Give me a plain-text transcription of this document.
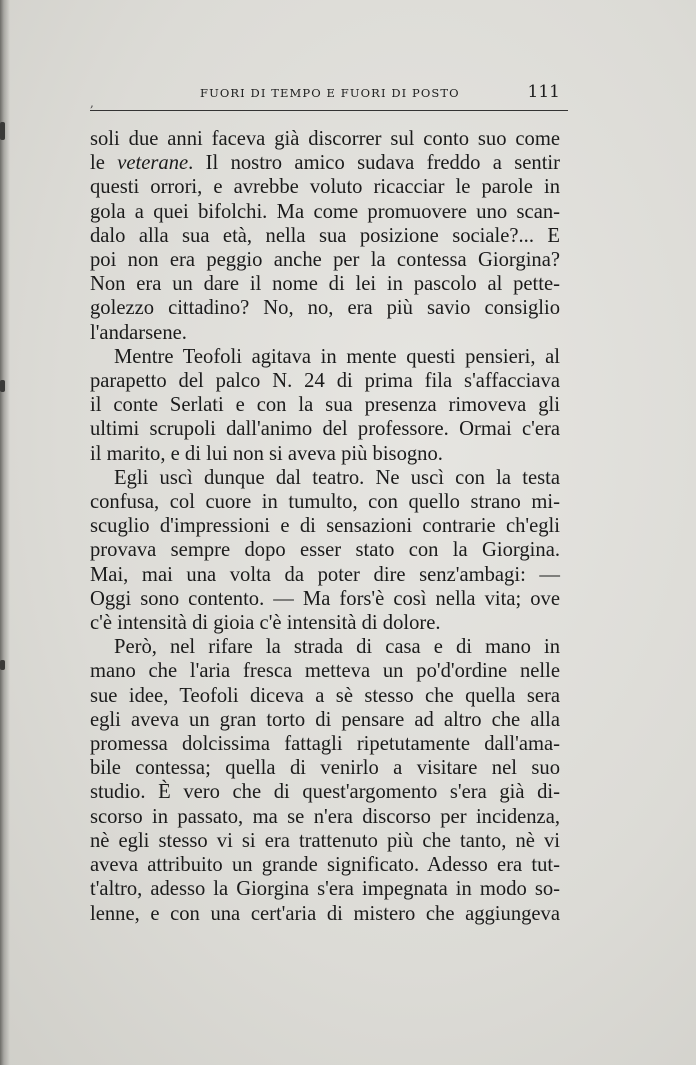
FUORI DI TEMPO E FUORI DI POSTO	111
,
soli due anni faceva già discorrer sul conto suo come
le veterane. Il nostro amico sudava freddo a sentir
questi orrori, e avrebbe voluto ricacciar le parole in
gola a quei bifolchi. Ma come promuovere uno scan-
dalo alla sua età, nella sua posizione sociale?... E
poi non era peggio anche per la contessa Giorgina?
Non era un dare il nome di lei in pascolo al pette-
golezzo cittadino? No, no, era più savio consiglio
l'andarsene.
Mentre Teofoli agitava in mente questi pensieri, al
parapetto del palco N. 24 di prima fila s'affacciava
il conte Serlati e con la sua presenza rimoveva gli
ultimi scrupoli dall'animo del professore. Ormai c'era
il marito, e di lui non si aveva più bisogno.
Egli uscì dunque dal teatro. Ne uscì con la testa
confusa, col cuore in tumulto, con quello strano mi-
scuglio d'impressioni e di sensazioni contrarie ch'egli
provava sempre dopo esser stato con la Giorgina.
Mai, mai una volta da poter dire senz'ambagi: —
Oggi sono contento. — Ma fors'è così nella vita; ove
c'è intensità di gioia c'è intensità di dolore.
Però, nel rifare la strada di casa e di mano in
mano che l'aria fresca metteva un po'd'ordine nelle
sue idee, Teofoli diceva a sè stesso che quella sera
egli aveva un gran torto di pensare ad altro che alla
promessa dolcissima fattagli ripetutamente dall'ama-
bile contessa; quella di venirlo a visitare nel suo
studio. È vero che di quest'argomento s'era già di-
scorso in passato, ma se n'era discorso per incidenza,
nè egli stesso vi si era trattenuto più che tanto, nè vi
aveva attribuito un grande significato. Adesso era tut-
t'altro, adesso la Giorgina s'era impegnata in modo so-
lenne, e con una cert'aria di mistero che aggiungeva
